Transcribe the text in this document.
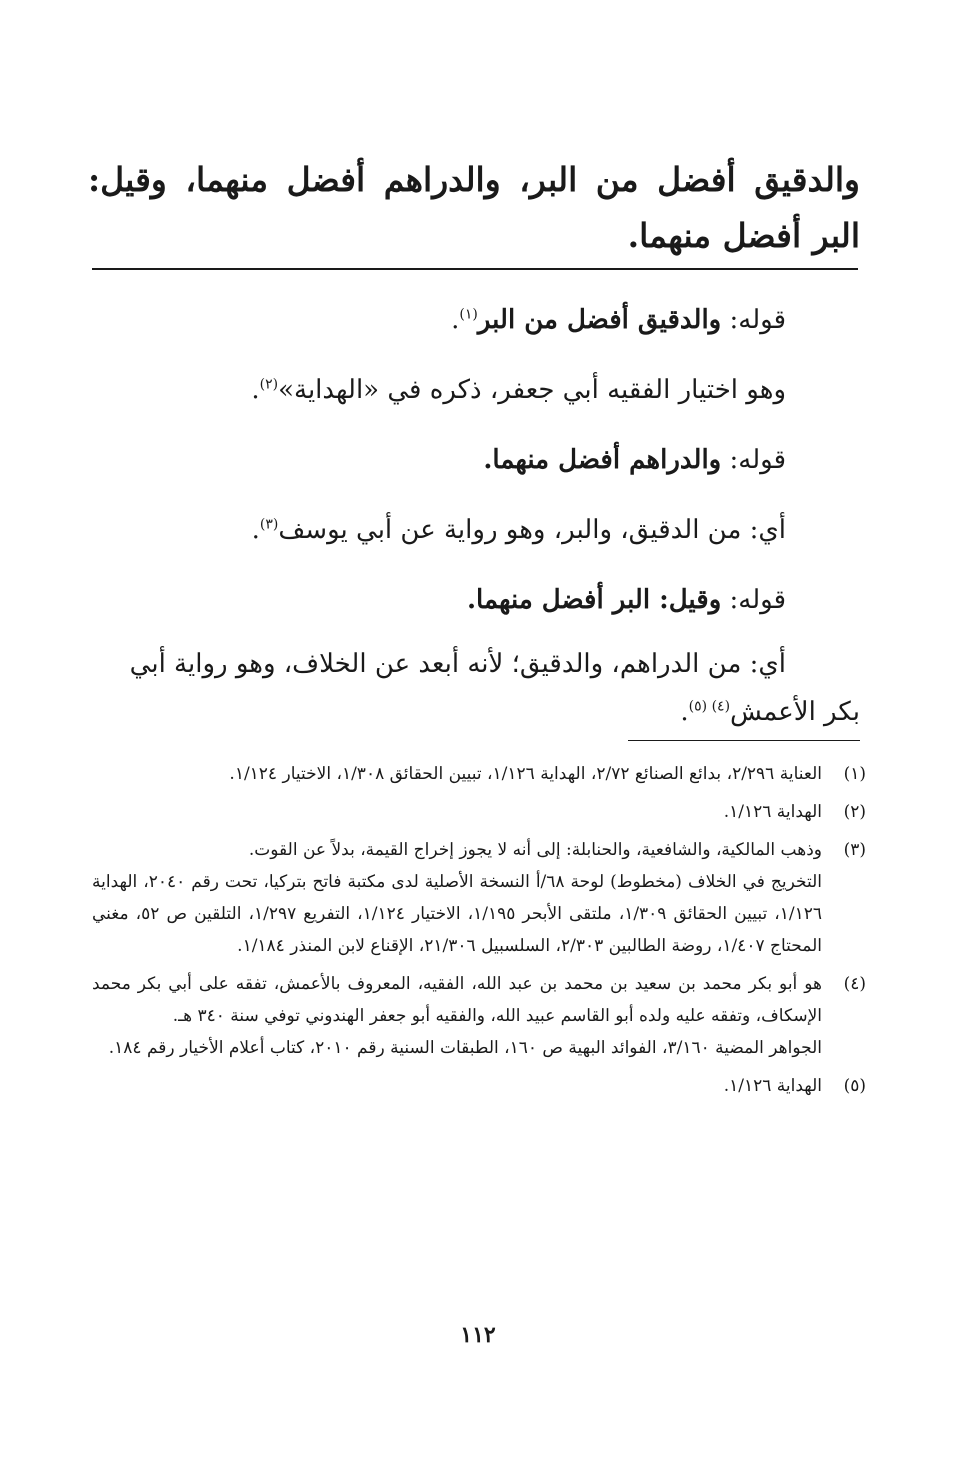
والدقيق أفضل من البر، والدراهم أفضل منهما، وقيل: البر أفضل منهما.
قوله: والدقيق أفضل من البر$^{(١)}$.
وهو اختيار الفقيه أبي جعفر، ذكره في «الهداية»$^{(٢)}$.
قوله: والدراهم أفضل منهما.
أي: من الدقيق، والبر، وهو رواية عن أبي يوسف$^{(٣)}$.
قوله: وقيل: البر أفضل منهما.
أي: من الدراهم، والدقيق؛ لأنه أبعد عن الخلاف، وهو رواية أبي بكر الأعمش$^{(٤) (٥)}$.
(١)

العناية ٢/٢٩٦، بدائع الصنائع ٢/٧٢، الهداية ١/١٢٦، تبيين الحقائق ١/٣٠٨، الاختيار ١/١٢٤.

(٢)

الهداية ١/١٢٦.

(٣)

وذهب المالكية، والشافعية، والحنابلة: إلى أنه لا يجوز إخراج القيمة، بدلاً عن القوت.

التخريج في الخلاف (مخطوط) لوحة ٦٨/أ النسخة الأصلية لدى مكتبة فاتح بتركيا، تحت رقم ٢٠٤٠، الهداية ١/١٢٦، تبيين الحقائق ١/٣٠٩، ملتقى الأبحر ١/١٩٥، الاختيار ١/١٢٤، التفريع ١/٢٩٧، التلقين ص ٥٢، مغني المحتاج ١/٤٠٧، روضة الطالبين ٢/٣٠٣، السلسبيل ٢١/٣٠٦، الإقناع لابن المنذر ١/١٨٤.

(٤)

هو أبو بكر محمد بن سعيد بن محمد بن عبد الله، الفقيه، المعروف بالأعمش، تفقه على أبي بكر محمد الإسكاف، وتفقه عليه ولده أبو القاسم عبيد الله، والفقيه أبو جعفر الهندوني توفي سنة ٣٤٠ هـ.

الجواهر المضية ٣/١٦٠، الفوائد البهية ص ١٦٠، الطبقات السنية رقم ٢٠١٠، كتاب أعلام الأخيار رقم ١٨٤.

(٥)

الهداية ١/١٢٦.

١١٢
